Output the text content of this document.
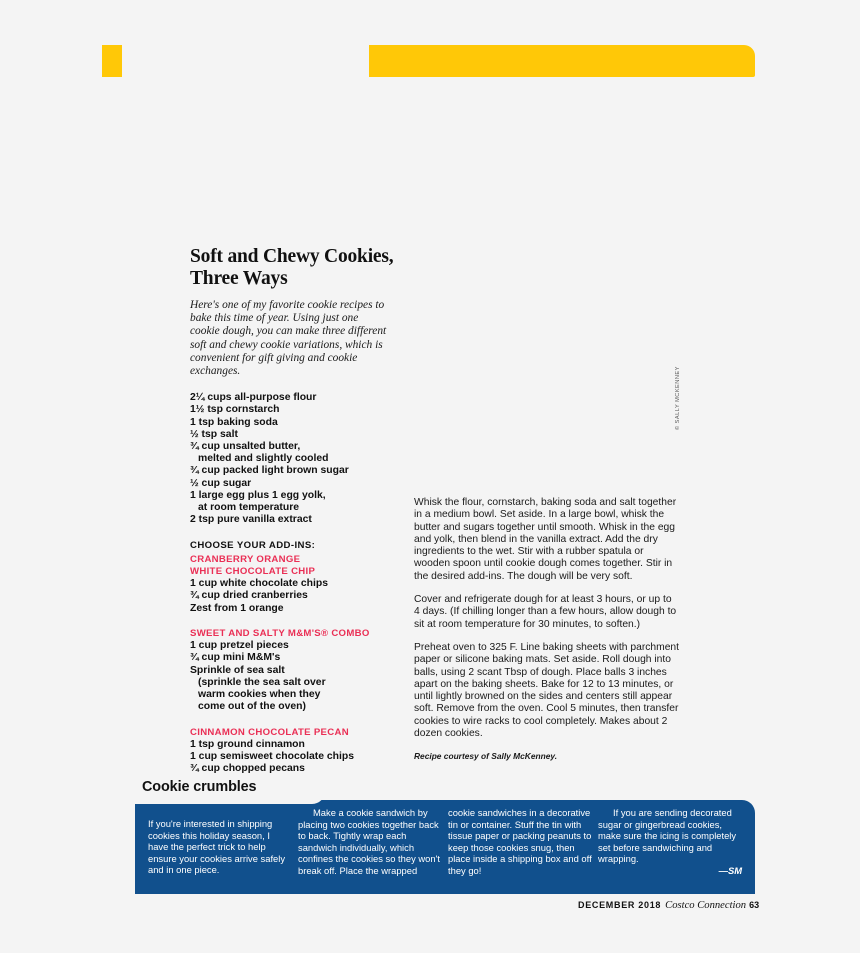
Soft and Chewy Cookies, Three Ways

Here's one of my favorite cookie recipes to bake this time of year. Using just one cookie dough, you can make three different soft and chewy cookie variations, which is convenient for gift giving and cookie exchanges.

2¼ cups all-purpose flour
1½ tsp cornstarch
1 tsp baking soda
½ tsp salt
¾ cup unsalted butter,
melted and slightly cooled
¾ cup packed light brown sugar
½ cup sugar
1 large egg plus 1 egg yolk,
at room temperature
2 tsp pure vanilla extract
CHOOSE YOUR ADD-INS:
CRANBERRY ORANGE
WHITE CHOCOLATE CHIP
1 cup white chocolate chips
¾ cup dried cranberries
Zest from 1 orange
SWEET AND SALTY M&M'S® COMBO
1 cup pretzel pieces
¾ cup mini M&M's
Sprinkle of sea salt
(sprinkle the sea salt over
warm cookies when they
come out of the oven)
CINNAMON CHOCOLATE PECAN
1 tsp ground cinnamon
1 cup semisweet chocolate chips
¾ cup chopped pecans

Whisk the flour, cornstarch, baking soda and salt together in a medium bowl. Set aside. In a large bowl, whisk the butter and sugars together until smooth. Whisk in the egg and yolk, then blend in the vanilla extract. Add the dry ingredients to the wet. Stir with a rubber spatula or wooden spoon until cookie dough comes together. Stir in the desired add-ins. The dough will be very soft.

Cover and refrigerate dough for at least 3 hours, or up to 4 days. (If chilling longer than a few hours, allow dough to sit at room temperature for 30 minutes, to soften.)

Preheat oven to 325 F. Line baking sheets with parchment paper or silicone baking mats. Set aside. Roll dough into balls, using 2 scant Tbsp of dough. Place balls 3 inches apart on the baking sheets. Bake for 12 to 13 minutes, or until lightly browned on the sides and centers still appear soft. Remove from the oven. Cool 5 minutes, then transfer cookies to wire racks to cool completely. Makes about 2 dozen cookies.

Recipe courtesy of Sally McKenney.
© SALLY MCKENNEY
Cookie crumbles
If you're interested in shipping cookies this holiday season, I have the perfect trick to help ensure your cookies arrive safely and in one piece.
Make a cookie sandwich by placing two cookies together back to back. Tightly wrap each sandwich individually, which confines the cookies so they won't break off. Place the wrapped
cookie sandwiches in a decorative tin or container. Stuff the tin with tissue paper or packing peanuts to keep those cookies snug, then place inside a shipping box and off they go!
If you are sending decorated sugar or gingerbread cookies, make sure the icing is completely set before sandwiching and wrapping.
—SM
DECEMBER 2018 Costco Connection 63
